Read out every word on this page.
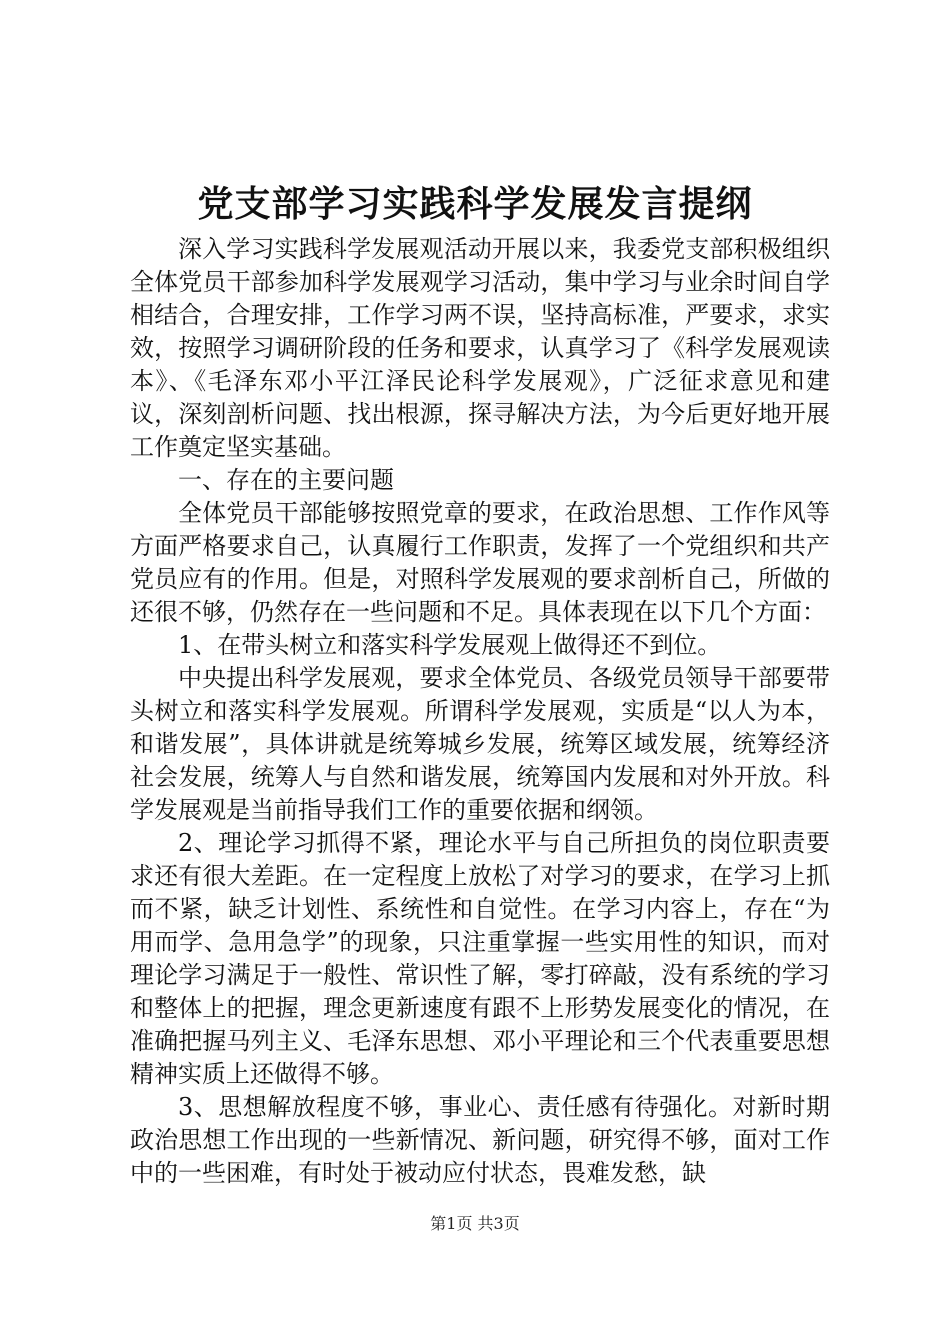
党支部学习实践科学发展发言提纲

深入学习实践科学发展观活动开展以来，我委党支部积极组织全体党员干部参加科学发展观学习活动，集中学习与业余时间自学相结合，合理安排，工作学习两不误，坚持高标准，严要求，求实效，按照学习调研阶段的任务和要求，认真学习了《科学发展观读本》、《毛泽东邓小平江泽民论科学发展观》，广泛征求意见和建议，深刻剖析问题、找出根源，探寻解决方法，为今后更好地开展工作奠定坚实基础。

一、存在的主要问题

全体党员干部能够按照党章的要求，在政治思想、工作作风等方面严格要求自己，认真履行工作职责，发挥了一个党组织和共产党员应有的作用。但是，对照科学发展观的要求剖析自己，所做的还很不够，仍然存在一些问题和不足。具体表现在以下几个方面：

1、在带头树立和落实科学发展观上做得还不到位。

中央提出科学发展观，要求全体党员、各级党员领导干部要带头树立和落实科学发展观。所谓科学发展观，实质是“以人为本，和谐发展”，具体讲就是统筹城乡发展，统筹区域发展，统筹经济社会发展，统筹人与自然和谐发展，统筹国内发展和对外开放。科学发展观是当前指导我们工作的重要依据和纲领。

2、理论学习抓得不紧，理论水平与自己所担负的岗位职责要求还有很大差距。在一定程度上放松了对学习的要求，在学习上抓而不紧，缺乏计划性、系统性和自觉性。在学习内容上，存在“为用而学、急用急学”的现象，只注重掌握一些实用性的知识，而对理论学习满足于一般性、常识性了解，零打碎敲，没有系统的学习和整体上的把握，理念更新速度有跟不上形势发展变化的情况，在准确把握马列主义、毛泽东思想、邓小平理论和三个代表重要思想精神实质上还做得不够。

3、思想解放程度不够，事业心、责任感有待强化。对新时期政治思想工作出现的一些新情况、新问题，研究得不够，面对工作中的一些困难，有时处于被动应付状态，畏难发愁，缺

第1页 共3页
